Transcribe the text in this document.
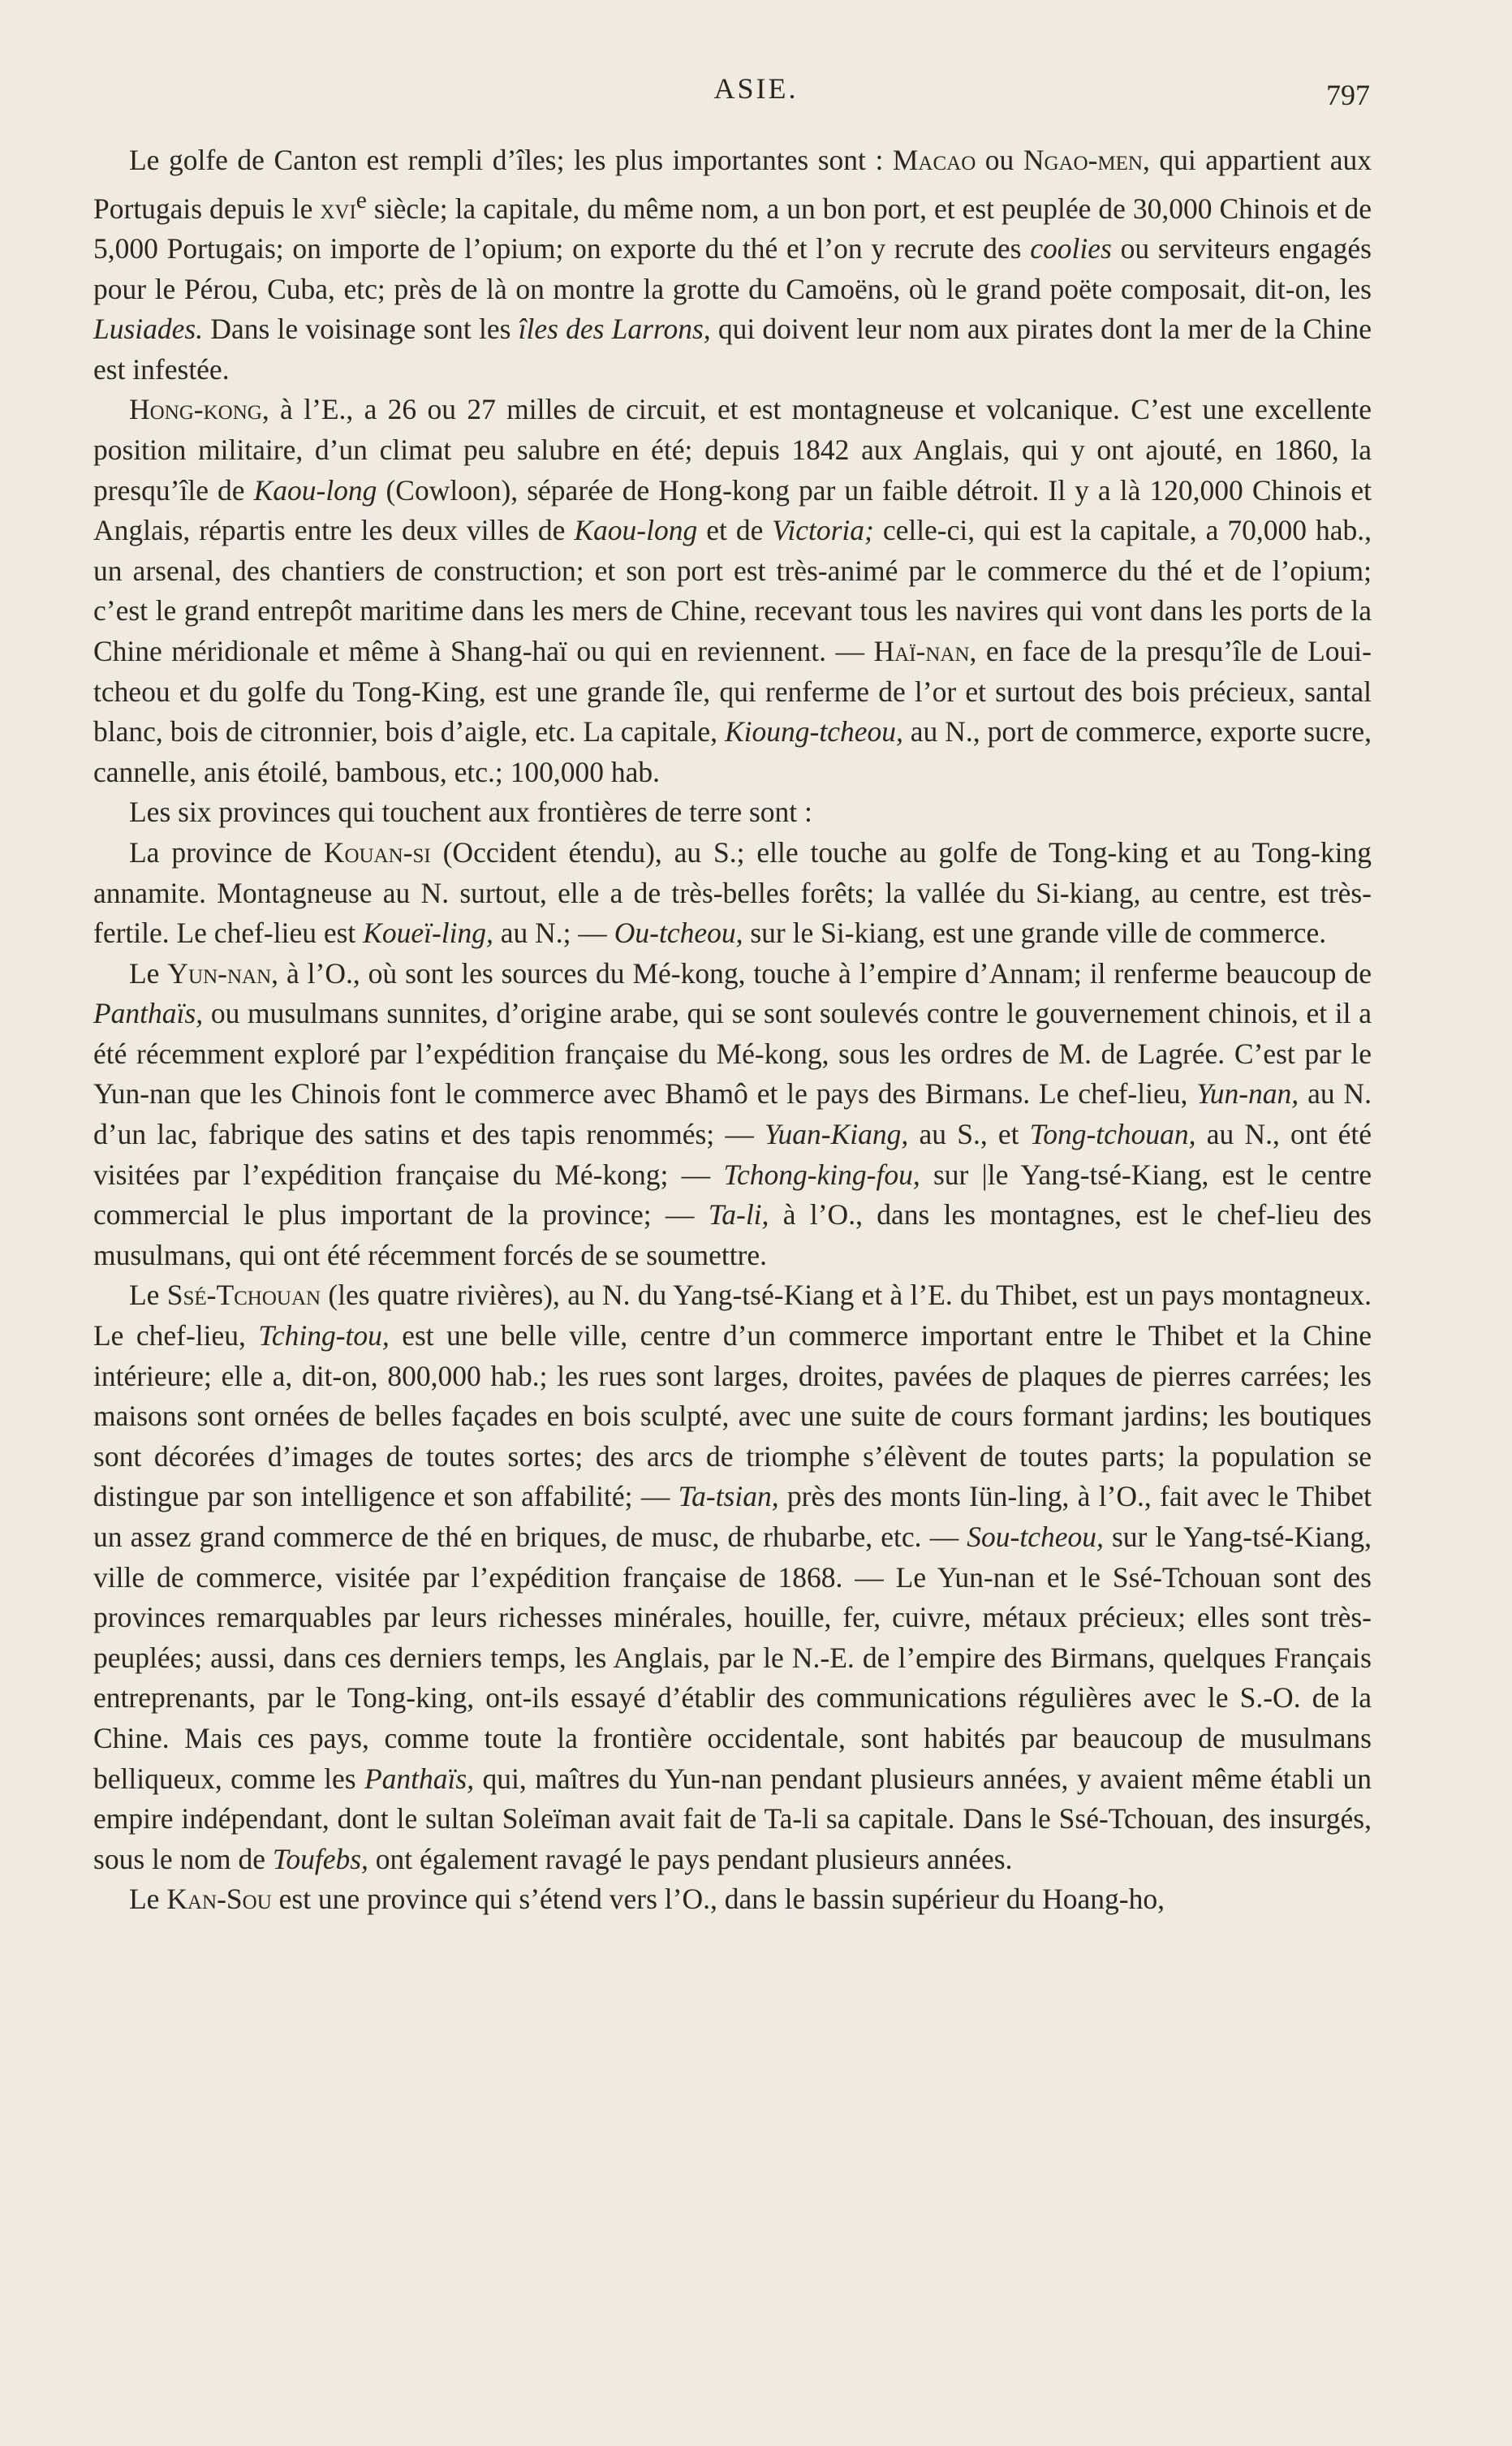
ASIE.	797

Le golfe de Canton est rempli d’îles; les plus importantes sont : Macao ou Ngao-men, qui appartient aux Portugais depuis le xvi$^e$ siècle; la capitale, du même nom, a un bon port, et est peuplée de 30,000 Chinois et de 5,000 Portugais; on importe de l’opium; on exporte du thé et l’on y recrute des coolies ou serviteurs engagés pour le Pérou, Cuba, etc; près de là on montre la grotte du Camoëns, où le grand poëte composait, dit-on, les Lusiades. Dans le voisinage sont les îles des Larrons, qui doivent leur nom aux pirates dont la mer de la Chine est infestée.

Hong-kong, à l’E., a 26 ou 27 milles de circuit, et est montagneuse et volcanique. C’est une excellente position militaire, d’un climat peu salubre en été; depuis 1842 aux Anglais, qui y ont ajouté, en 1860, la presqu’île de Kaou-long (Cowloon), séparée de Hong-kong par un faible détroit. Il y a là 120,000 Chinois et Anglais, répartis entre les deux villes de Kaou-long et de Victoria; celle-ci, qui est la capitale, a 70,000 hab., un arsenal, des chantiers de construction; et son port est très-animé par le commerce du thé et de l’opium; c’est le grand entrepôt maritime dans les mers de Chine, recevant tous les navires qui vont dans les ports de la Chine méridionale et même à Shang-haï ou qui en reviennent. — Haï-nan, en face de la presqu’île de Loui-tcheou et du golfe du Tong-King, est une grande île, qui renferme de l’or et surtout des bois précieux, santal blanc, bois de citronnier, bois d’aigle, etc. La capitale, Kioung-tcheou, au N., port de commerce, exporte sucre, cannelle, anis étoilé, bambous, etc.; 100,000 hab.

Les six provinces qui touchent aux frontières de terre sont :

La province de Kouan-si (Occident étendu), au S.; elle touche au golfe de Tong-king et au Tong-king annamite. Montagneuse au N. surtout, elle a de très-belles forêts; la vallée du Si-kiang, au centre, est très-fertile. Le chef-lieu est Koueï-ling, au N.; — Ou-tcheou, sur le Si-kiang, est une grande ville de commerce.

Le Yun-nan, à l’O., où sont les sources du Mé-kong, touche à l’empire d’Annam; il renferme beaucoup de Panthaïs, ou musulmans sunnites, d’origine arabe, qui se sont soulevés contre le gouvernement chinois, et il a été récemment exploré par l’expédition française du Mé-kong, sous les ordres de M. de Lagrée. C’est par le Yun-nan que les Chinois font le commerce avec Bhamô et le pays des Birmans. Le chef-lieu, Yun-nan, au N. d’un lac, fabrique des satins et des tapis renommés; — Yuan-Kiang, au S., et Tong-tchouan, au N., ont été visitées par l’expédition française du Mé-kong; — Tchong-king-fou, sur |le Yang-tsé-Kiang, est le centre commercial le plus important de la province; — Ta-li, à l’O., dans les montagnes, est le chef-lieu des musulmans, qui ont été récemment forcés de se soumettre.

Le Ssé-Tchouan (les quatre rivières), au N. du Yang-tsé-Kiang et à l’E. du Thibet, est un pays montagneux. Le chef-lieu, Tching-tou, est une belle ville, centre d’un commerce important entre le Thibet et la Chine intérieure; elle a, dit-on, 800,000 hab.; les rues sont larges, droites, pavées de plaques de pierres carrées; les maisons sont ornées de belles façades en bois sculpté, avec une suite de cours formant jardins; les boutiques sont décorées d’images de toutes sortes; des arcs de triomphe s’élèvent de toutes parts; la population se distingue par son intelligence et son affabilité; — Ta-tsian, près des monts Iün-ling, à l’O., fait avec le Thibet un assez grand commerce de thé en briques, de musc, de rhubarbe, etc. — Sou-tcheou, sur le Yang-tsé-Kiang, ville de commerce, visitée par l’expédition française de 1868. — Le Yun-nan et le Ssé-Tchouan sont des provinces remarquables par leurs richesses minérales, houille, fer, cuivre, métaux précieux; elles sont très-peuplées; aussi, dans ces derniers temps, les Anglais, par le N.-E. de l’empire des Birmans, quelques Français entreprenants, par le Tong-king, ont-ils essayé d’établir des communications régulières avec le S.-O. de la Chine. Mais ces pays, comme toute la frontière occidentale, sont habités par beaucoup de musulmans belliqueux, comme les Panthaïs, qui, maîtres du Yun-nan pendant plusieurs années, y avaient même établi un empire indépendant, dont le sultan Soleïman avait fait de Ta-li sa capitale. Dans le Ssé-Tchouan, des insurgés, sous le nom de Toufebs, ont également ravagé le pays pendant plusieurs années.

Le Kan-Sou est une province qui s’étend vers l’O., dans le bassin supérieur du Hoang-ho,
